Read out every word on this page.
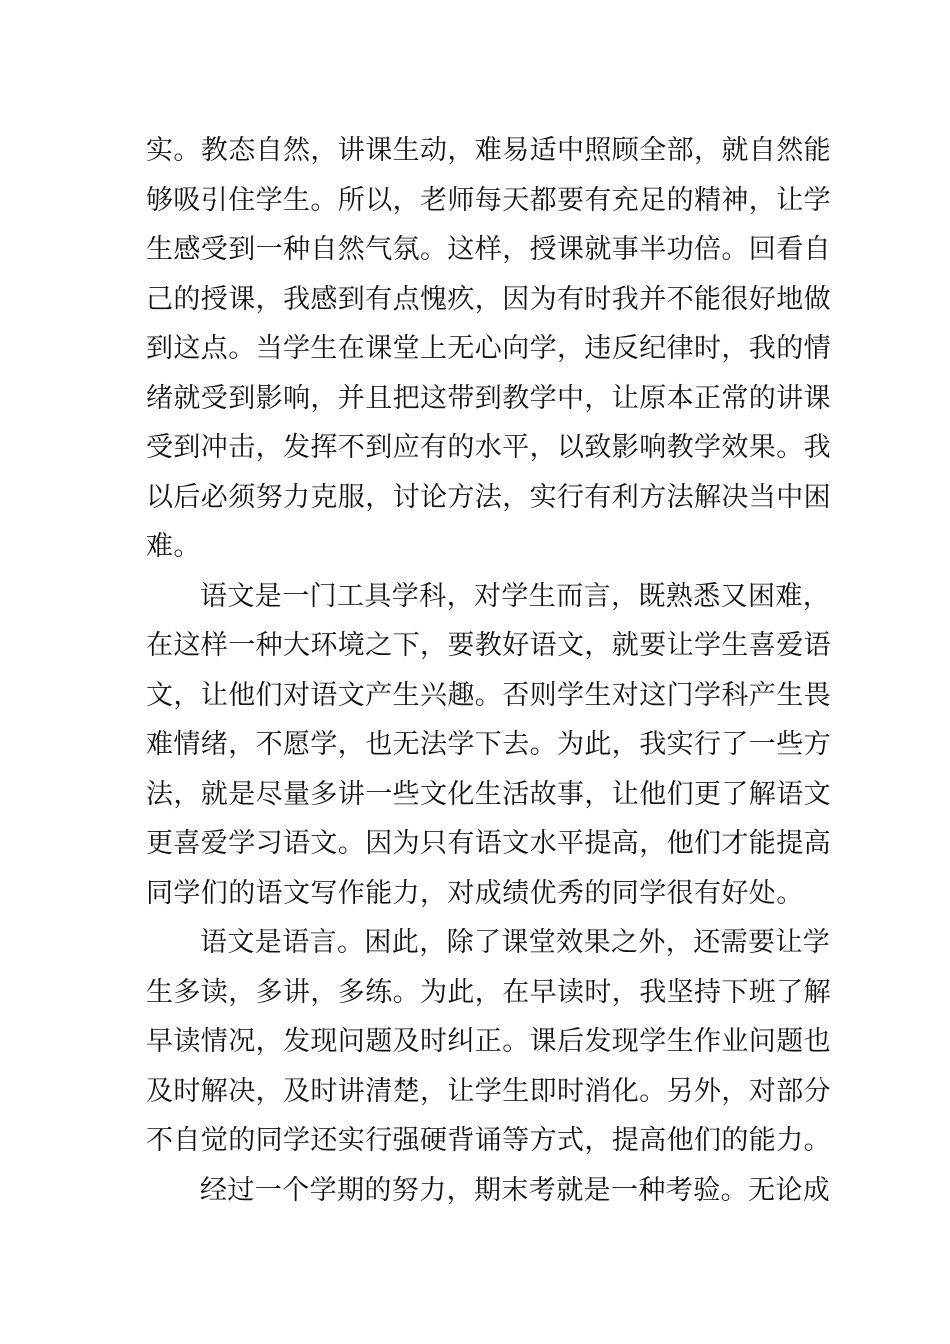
实。教态自然，讲课生动，难易适中照顾全部，就自然能
够吸引住学生。所以，老师每天都要有充足的精神，让学
生感受到一种自然气氛。这样，授课就事半功倍。回看自
己的授课，我感到有点愧疚，因为有时我并不能很好地做
到这点。当学生在课堂上无心向学，违反纪律时，我的情
绪就受到影响，并且把这带到教学中，让原本正常的讲课
受到冲击，发挥不到应有的水平，以致影响教学效果。我
以后必须努力克服，讨论方法，实行有利方法解决当中困
难。
语文是一门工具学科，对学生而言，既熟悉又困难，
在这样一种大环境之下，要教好语文，就要让学生喜爱语
文，让他们对语文产生兴趣。否则学生对这门学科产生畏
难情绪，不愿学，也无法学下去。为此，我实行了一些方
法，就是尽量多讲一些文化生活故事，让他们更了解语文
更喜爱学习语文。因为只有语文水平提高，他们才能提高
同学们的语文写作能力，对成绩优秀的同学很有好处。
语文是语言。困此，除了课堂效果之外，还需要让学
生多读，多讲，多练。为此，在早读时，我坚持下班了解
早读情况，发现问题及时纠正。课后发现学生作业问题也
及时解决，及时讲清楚，让学生即时消化。另外，对部分
不自觉的同学还实行强硬背诵等方式，提高他们的能力。
经过一个学期的努力，期末考就是一种考验。无论成
